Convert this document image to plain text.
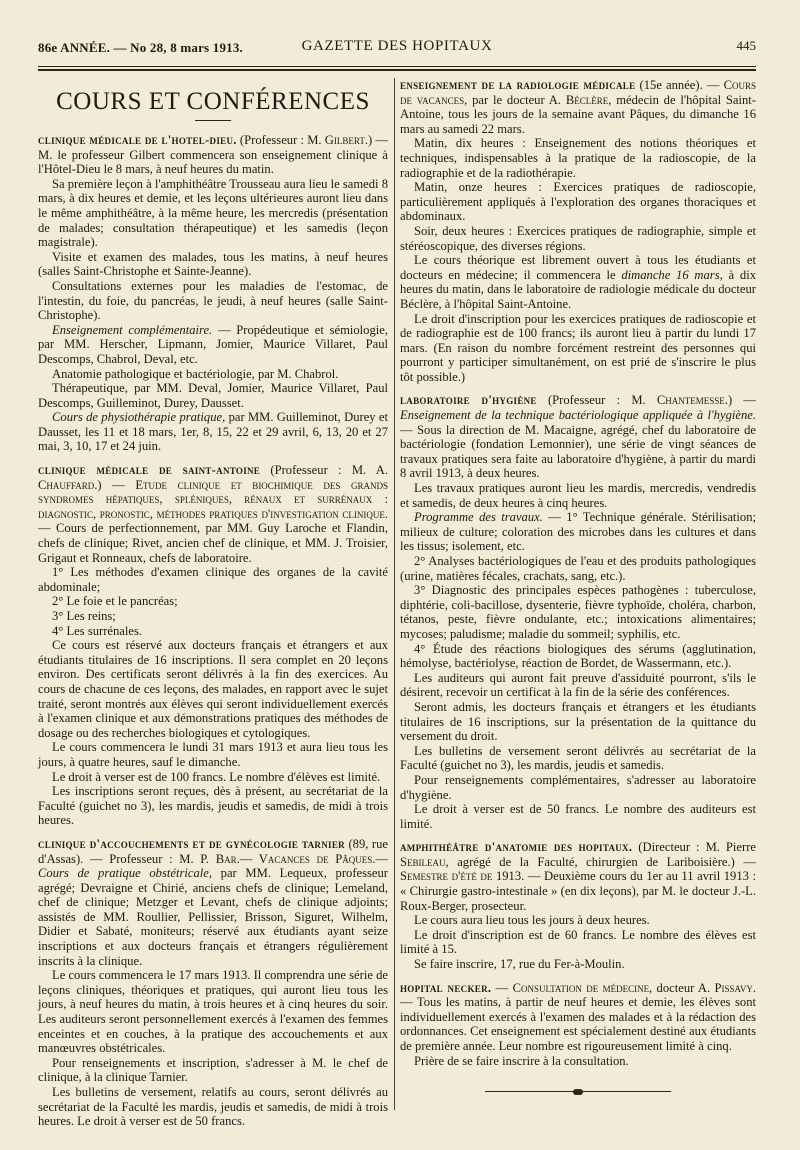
86e ANNÉE. — No 28, 8 mars 1913.	GAZETTE DES HOPITAUX	445
COURS ET CONFÉRENCES

clinique médicale de l'hotel-dieu. (Professeur : M. Gilbert.) — M. le professeur Gilbert commencera son enseignement clinique à l'Hôtel-Dieu le 8 mars, à neuf heures du matin.

Sa première leçon à l'amphithéâtre Trousseau aura lieu le samedi 8 mars, à dix heures et demie, et les leçons ultérieures auront lieu dans le même amphithéâtre, à la même heure, les mercredis (présentation de malades; consultation thérapeutique) et les samedis (leçon magistrale).

Visite et examen des malades, tous les matins, à neuf heures (salles Saint-Christophe et Sainte-Jeanne).

Consultations externes pour les maladies de l'estomac, de l'intestin, du foie, du pancréas, le jeudi, à neuf heures (salle Saint-Christophe).

Enseignement complémentaire. — Propédeutique et sémiologie, par MM. Herscher, Lipmann, Jomier, Maurice Villaret, Paul Descomps, Chabrol, Deval, etc.

Anatomie pathologique et bactériologie, par M. Chabrol.

Thérapeutique, par MM. Deval, Jomier, Maurice Villaret, Paul Descomps, Guilleminot, Durey, Dausset.

Cours de physiothérapie pratique, par MM. Guilleminot, Durey et Dausset, les 11 et 18 mars, 1er, 8, 15, 22 et 29 avril, 6, 13, 20 et 27 mai, 3, 10, 17 et 24 juin.

clinique médicale de saint-antoine (Professeur : M. A. Chauffard.) — Etude clinique et biochimique des grands syndromes hépatiques, spléniques, rénaux et surrénaux : diagnostic, pronostic, méthodes pratiques d'investigation clinique. — Cours de perfectionnement, par MM. Guy Laroche et Flandin, chefs de clinique; Rivet, ancien chef de clinique, et MM. J. Troisier, Grigaut et Ronneaux, chefs de laboratoire.

1° Les méthodes d'examen clinique des organes de la cavité abdominale;

2° Le foie et le pancréas;

3° Les reins;

4° Les surrénales.

Ce cours est réservé aux docteurs français et étrangers et aux étudiants titulaires de 16 inscriptions. Il sera complet en 20 leçons environ. Des certificats seront délivrés à la fin des exercices. Au cours de chacune de ces leçons, des malades, en rapport avec le sujet traité, seront montrés aux élèves qui seront individuellement exercés à l'examen clinique et aux démonstrations pratiques des méthodes de dosage ou des recherches biologiques et cytologiques.

Le cours commencera le lundi 31 mars 1913 et aura lieu tous les jours, à quatre heures, sauf le dimanche.

Le droit à verser est de 100 francs. Le nombre d'élèves est limité.

Les inscriptions seront reçues, dès à présent, au secrétariat de la Faculté (guichet no 3), les mardis, jeudis et samedis, de midi à trois heures.

clinique d'accouchements et de gynécologie tarnier (89, rue d'Assas). — Professeur : M. P. Bar.— Vacances de Pâques.— Cours de pratique obstétricale, par MM. Lequeux, professeur agrégé; Devraigne et Chirié, anciens chefs de clinique; Lemeland, chef de clinique; Metzger et Levant, chefs de clinique adjoints; assistés de MM. Roullier, Pellissier, Brisson, Siguret, Wilhelm, Didier et Sabaté, moniteurs; réservé aux étudiants ayant seize inscriptions et aux docteurs français et étrangers régulièrement inscrits à la clinique.

Le cours commencera le 17 mars 1913. Il comprendra une série de leçons cliniques, théoriques et pratiques, qui auront lieu tous les jours, à neuf heures du matin, à trois heures et à cinq heures du soir. Les auditeurs seront personnellement exercés à l'examen des femmes enceintes et en couches, à la pratique des accouchements et aux manœuvres obstétricales.

Pour renseignements et inscription, s'adresser à M. le chef de clinique, à la clinique Tarnier.

Les bulletins de versement, relatifs au cours, seront délivrés au secrétariat de la Faculté les mardis, jeudis et samedis, de midi à trois heures. Le droit à verser est de 50 francs.

enseignement de la radiologie médicale (15e année). — Cours de vacances, par le docteur A. Béclère, médecin de l'hôpital Saint-Antoine, tous les jours de la semaine avant Pâques, du dimanche 16 mars au samedi 22 mars.

Matin, dix heures : Enseignement des notions théoriques et techniques, indispensables à la pratique de la radioscopie, de la radiographie et de la radiothérapie.

Matin, onze heures : Exercices pratiques de radioscopie, particulièrement appliqués à l'exploration des organes thoraciques et abdominaux.

Soir, deux heures : Exercices pratiques de radiographie, simple et stéréoscopique, des diverses régions.

Le cours théorique est librement ouvert à tous les étudiants et docteurs en médecine; il commencera le dimanche 16 mars, à dix heures du matin, dans le laboratoire de radiologie médicale du docteur Béclère, à l'hôpital Saint-Antoine.

Le droit d'inscription pour les exercices pratiques de radioscopie et de radiographie est de 100 francs; ils auront lieu à partir du lundi 17 mars. (En raison du nombre forcément restreint des personnes qui pourront y participer simultanément, on est prié de s'inscrire le plus tôt possible.)

laboratoire d'hygiène (Professeur : M. Chantemesse.) — Enseignement de la technique bactériologique appliquée à l'hygiène. — Sous la direction de M. Macaigne, agrégé, chef du laboratoire de bactériologie (fondation Lemonnier), une série de vingt séances de travaux pratiques sera faite au laboratoire d'hygiène, à partir du mardi 8 avril 1913, à deux heures.

Les travaux pratiques auront lieu les mardis, mercredis, vendredis et samedis, de deux heures à cinq heures.

Programme des travaux. — 1° Technique générale. Stérilisation; milieux de culture; coloration des microbes dans les cultures et dans les tissus; isolement, etc.

2° Analyses bactériologiques de l'eau et des produits pathologiques (urine, matières fécales, crachats, sang, etc.).

3° Diagnostic des principales espèces pathogènes : tuberculose, diphtérie, coli-bacillose, dysenterie, fièvre typhoïde, choléra, charbon, tétanos, peste, fièvre ondulante, etc.; intoxications alimentaires; mycoses; paludisme; maladie du sommeil; syphilis, etc.

4° Étude des réactions biologiques des sérums (agglutination, hémolyse, bactériolyse, réaction de Bordet, de Wassermann, etc.).

Les auditeurs qui auront fait preuve d'assiduité pourront, s'ils le désirent, recevoir un certificat à la fin de la série des conférences.

Seront admis, les docteurs français et étrangers et les étudiants titulaires de 16 inscriptions, sur la présentation de la quittance du versement du droit.

Les bulletins de versement seront délivrés au secrétariat de la Faculté (guichet no 3), les mardis, jeudis et samedis.

Pour renseignements complémentaires, s'adresser au laboratoire d'hygiène.

Le droit à verser est de 50 francs. Le nombre des auditeurs est limité.

amphithéâtre d'anatomie des hopitaux. (Directeur : M. Pierre Sebileau, agrégé de la Faculté, chirurgien de Lariboisière.) — Semestre d'été de 1913. — Deuxième cours du 1er au 11 avril 1913 : « Chirurgie gastro-intestinale » (en dix leçons), par M. le docteur J.-L. Roux-Berger, prosecteur.

Le cours aura lieu tous les jours à deux heures.

Le droit d'inscription est de 60 francs. Le nombre des élèves est limité à 15.

Se faire inscrire, 17, rue du Fer-à-Moulin.

hopital necker. — Consultation de médecine, docteur A. Pissavy. — Tous les matins, à partir de neuf heures et demie, les élèves sont individuellement exercés à l'examen des malades et à la rédaction des ordonnances. Cet enseignement est spécialement destiné aux étudiants de première année. Leur nombre est rigoureusement limité à cinq.

Prière de se faire inscrire à la consultation.
